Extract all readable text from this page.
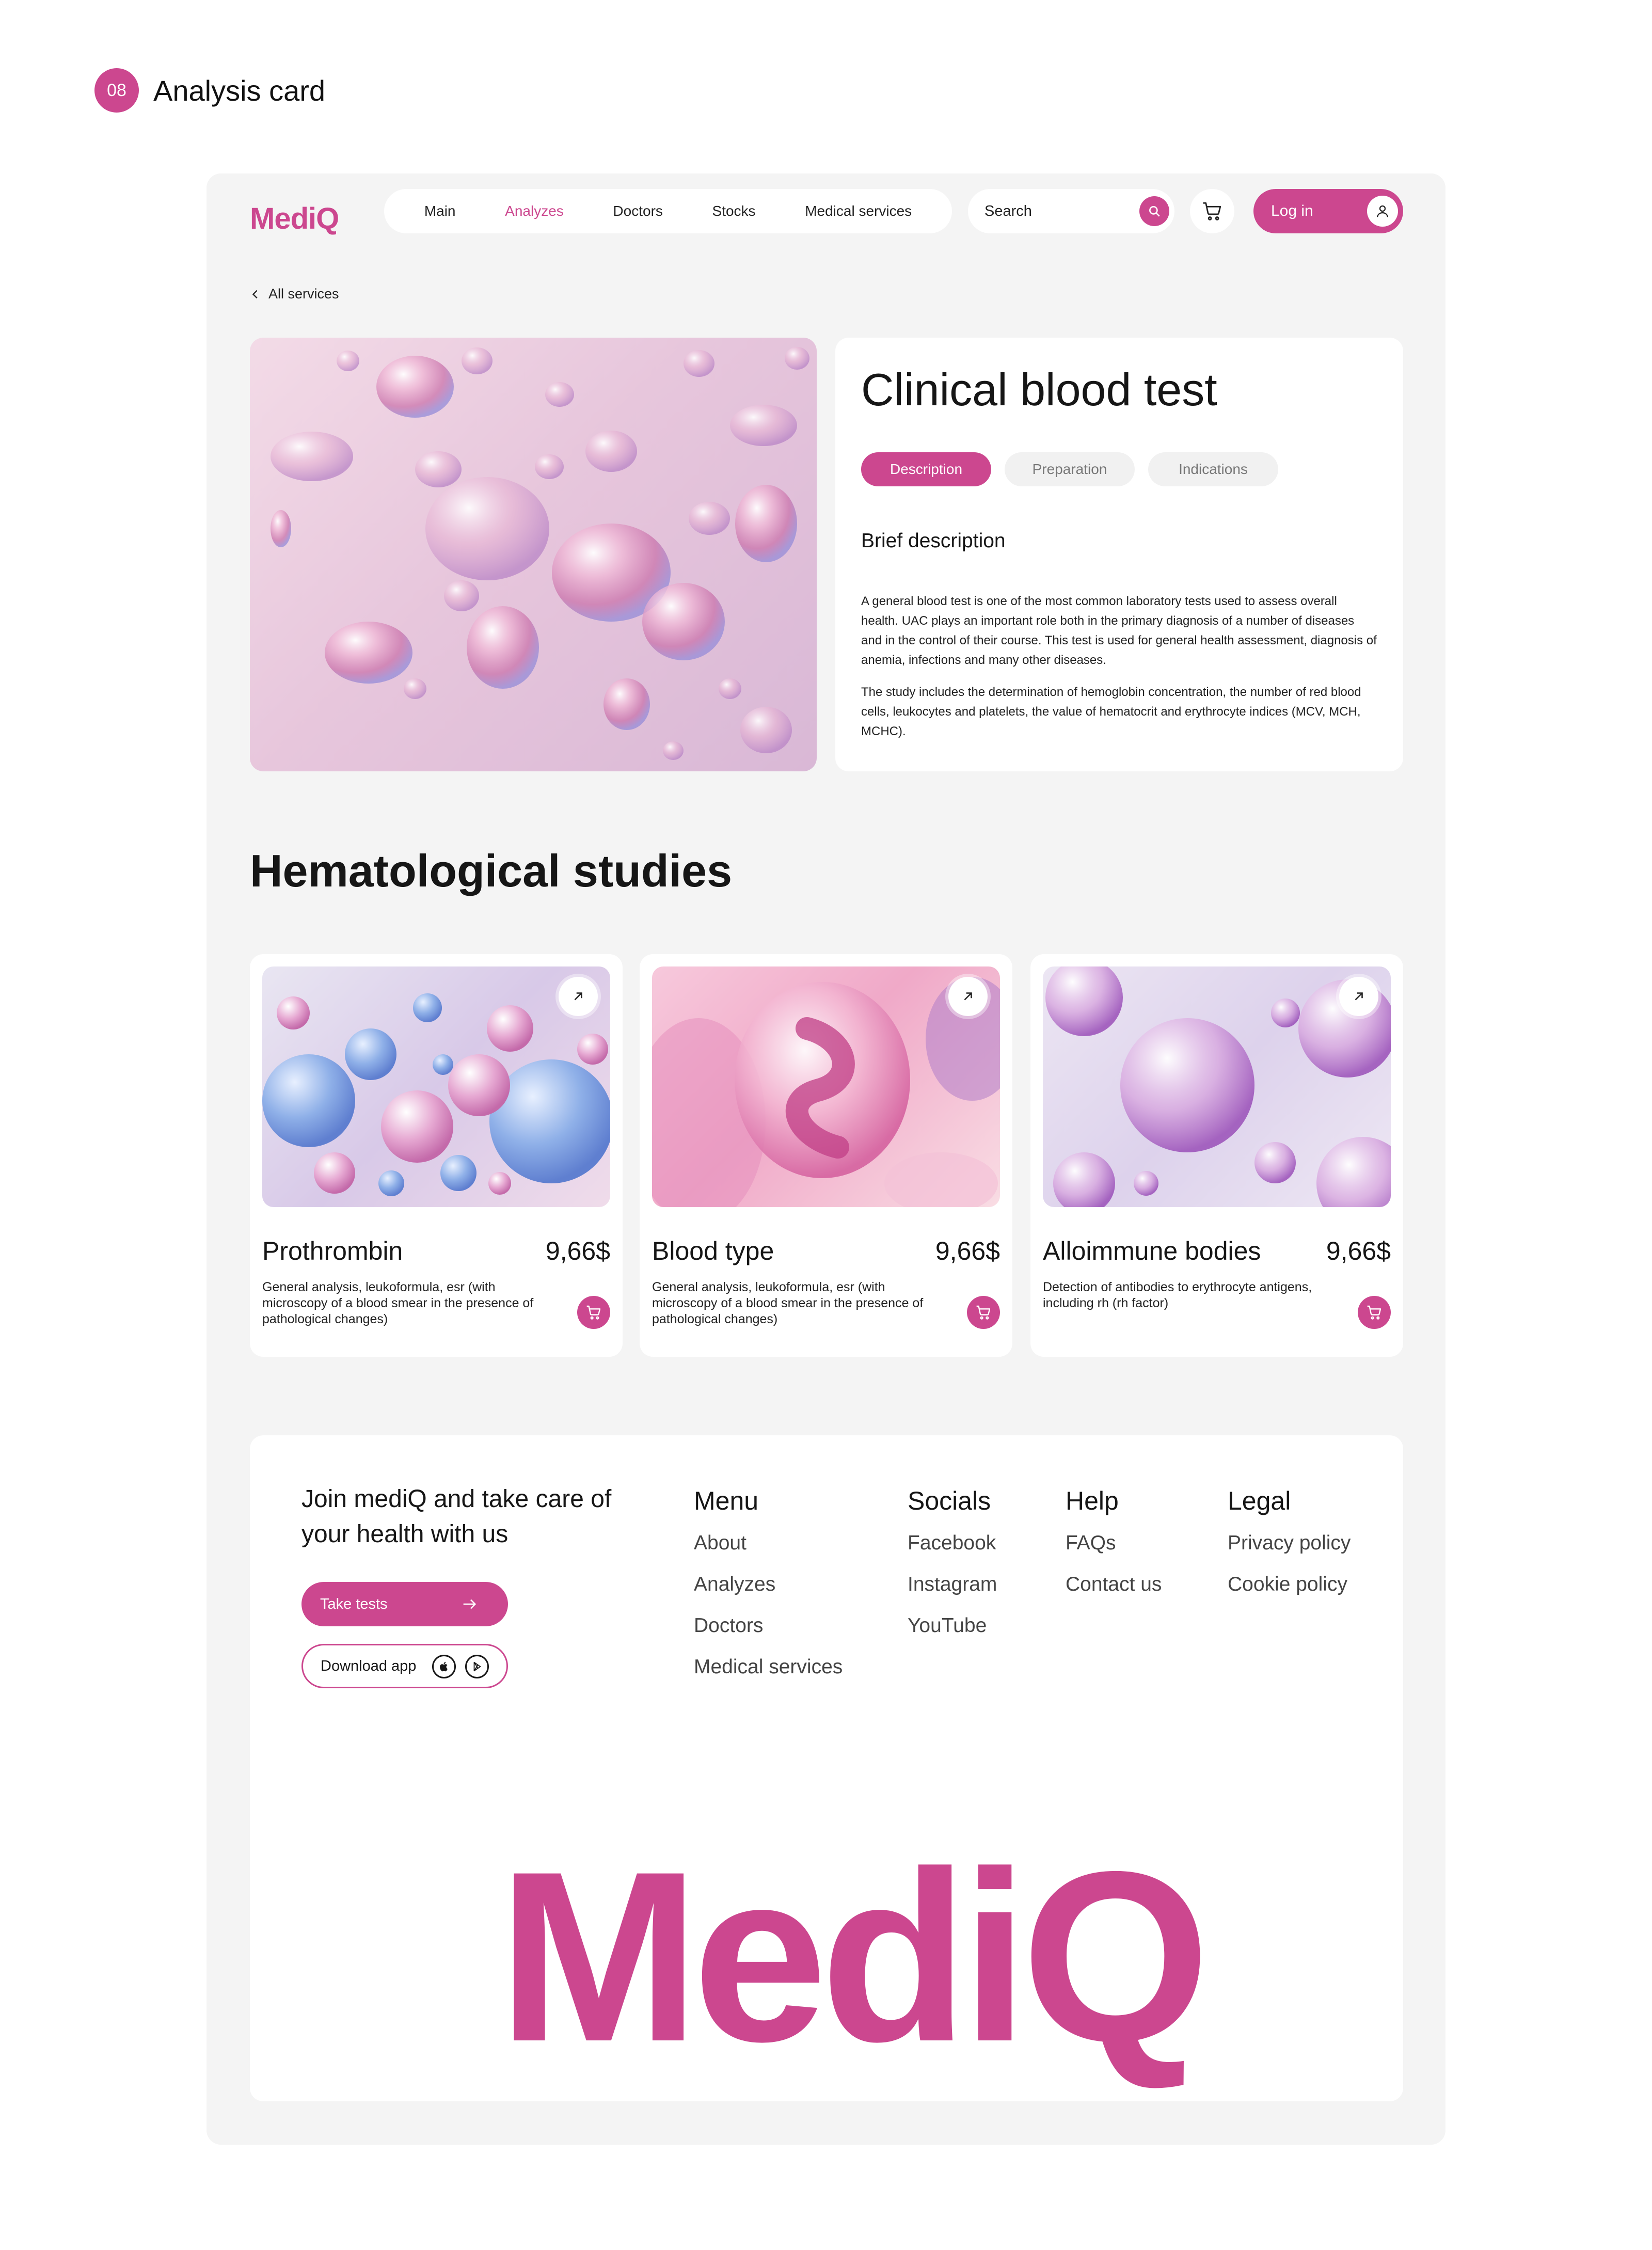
08 Analysis card
MediQ	Main	Analyzes	Doctors	Stocks	Medical services
Search	Log in
All services
Clinical blood test
Description	Preparation	Indications
Brief description

A general blood test is one of the most common laboratory tests used to assess overall health. UAC plays an important role both in the primary diagnosis of a number of diseases and in the control of their course. This test is used for general health assessment, diagnosis of anemia, infections and many other diseases.

The study includes the determination of hemoglobin concentration, the number of red blood cells, leukocytes and platelets, the value of hematocrit and erythrocyte indices (MCV, MCH, MCHC).

Hematological studies
Prothrombin	9,66$
General analysis, leukoformula, esr (with microscopy of a blood smear in the presence of pathological changes)
Blood type	9,66$
General analysis, leukoformula, esr (with microscopy of a blood smear in the presence of pathological changes)
Alloimmune bodies	9,66$
Detection of antibodies to erythrocyte antigens, including rh (rh factor)
Join mediQ and take care of your health with us
Take tests
Download app
Menu
About
Analyzes
Doctors
Medical services
Socials
Facebook
Instagram
YouTube
Help
FAQs
Contact us
Legal
Privacy policy
Cookie policy
MediQ
